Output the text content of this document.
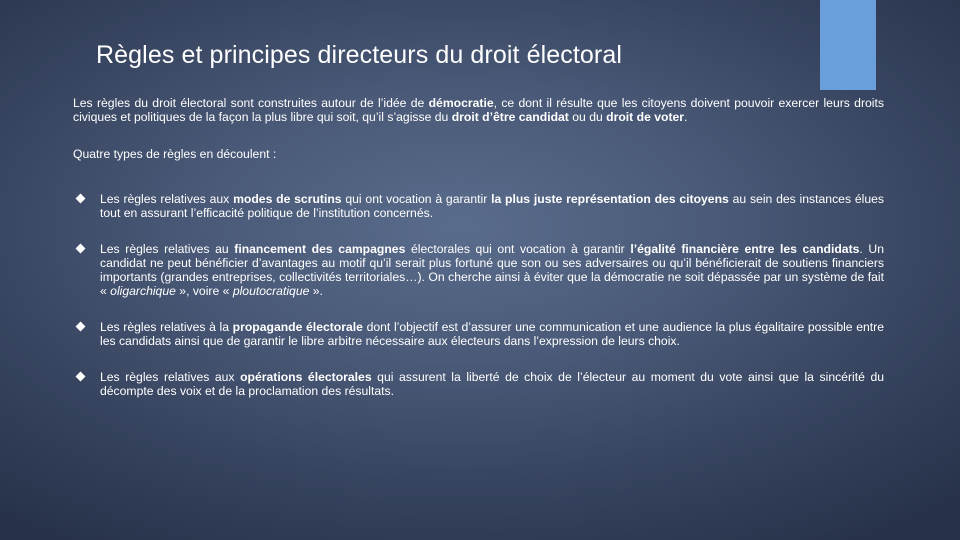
Règles et principes directeurs du droit électoral

Les règles du droit électoral sont construites autour de l’idée de démocratie, ce dont il résulte que les citoyens doivent pouvoir exercer leurs droits civiques et politiques de la façon la plus libre qui soit, qu’il s’agisse du droit d’être candidat ou du droit de voter.

Quatre types de règles en découlent :

Les règles relatives aux modes de scrutins qui ont vocation à garantir la plus juste représentation des citoyens au sein des instances élues tout en assurant l’efficacité politique de l’institution concernés.
Les règles relatives au financement des campagnes électorales qui ont vocation à garantir l’égalité financière entre les candidats. Un candidat ne peut bénéficier d’avantages au motif qu’il serait plus fortuné que son ou ses adversaires ou qu’il bénéficierait de soutiens financiers importants (grandes entreprises, collectivités territoriales…). On cherche ainsi à éviter que la démocratie ne soit dépassée par un système de fait « oligarchique », voire « ploutocratique ».
Les règles relatives à la propagande électorale dont l’objectif est d’assurer une communication et une audience la plus égalitaire possible entre les candidats ainsi que de garantir le libre arbitre nécessaire aux électeurs dans l’expression de leurs choix.
Les règles relatives aux opérations électorales qui assurent la liberté de choix de l’électeur au moment du vote ainsi que la sincérité du décompte des voix et de la proclamation des résultats.
